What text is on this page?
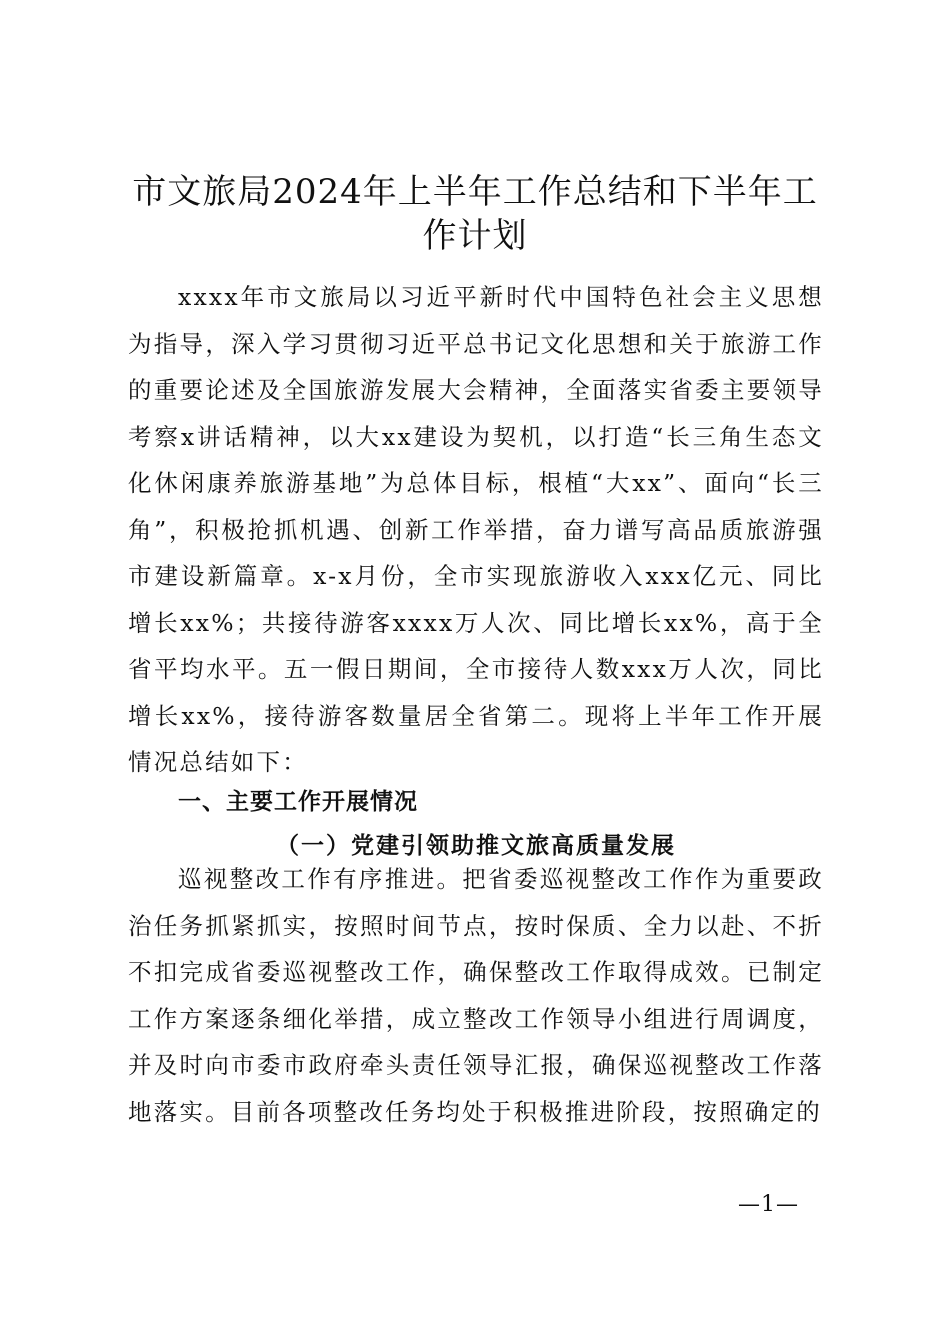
市文旅局2024年上半年工作总结和下半年工作计划

xxxx年市文旅局以习近平新时代中国特色社会主义思想为指导，深入学习贯彻习近平总书记文化思想和关于旅游工作的重要论述及全国旅游发展大会精神，全面落实省委主要领导考察x讲话精神，以大xx建设为契机，以打造“长三角生态文化休闲康养旅游基地”为总体目标，根植“大xx”、面向“长三角”，积极抢抓机遇、创新工作举措，奋力谱写高品质旅游强市建设新篇章。x-x月份，全市实现旅游收入xxx亿元、同比增长xx%；共接待游客xxxx万人次、同比增长xx%，高于全省平均水平。五一假日期间，全市接待人数xxx万人次，同比增长xx%，接待游客数量居全省第二。现将上半年工作开展情况总结如下：

一、主要工作开展情况
（一）党建引领助推文旅高质量发展

巡视整改工作有序推进。把省委巡视整改工作作为重要政治任务抓紧抓实，按照时间节点，按时保质、全力以赴、不折不扣完成省委巡视整改工作，确保整改工作取得成效。已制定工作方案逐条细化举措，成立整改工作领导小组进行周调度，并及时向市委市政府牵头责任领导汇报，确保巡视整改工作落地落实。目前各项整改任务均处于积极推进阶段，按照确定的

—1—
